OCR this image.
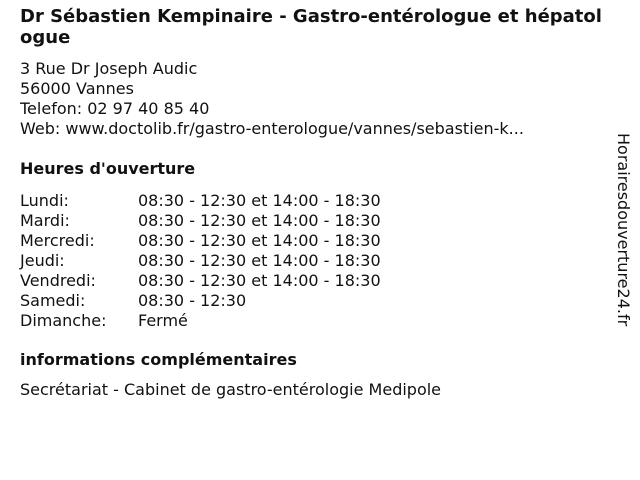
Dr Sébastien Kempinaire - Gastro-entérologue et hépatologue
3 Rue Dr Joseph Audic
56000 Vannes
Telefon: 02 97 40 85 40
Web: www.doctolib.fr/gastro-enterologue/vannes/sebastien-k...
Heures d'ouverture
Lundi:	08:30 - 12:30 et 14:00 - 18:30
Mardi:	08:30 - 12:30 et 14:00 - 18:30
Mercredi:	08:30 - 12:30 et 14:00 - 18:30
Jeudi:	08:30 - 12:30 et 14:00 - 18:30
Vendredi:	08:30 - 12:30 et 14:00 - 18:30
Samedi:	08:30 - 12:30
Dimanche:	Fermé
informations complémentaires
Secrétariat - Cabinet de gastro-entérologie Medipole
Horairesdouverture24.fr
